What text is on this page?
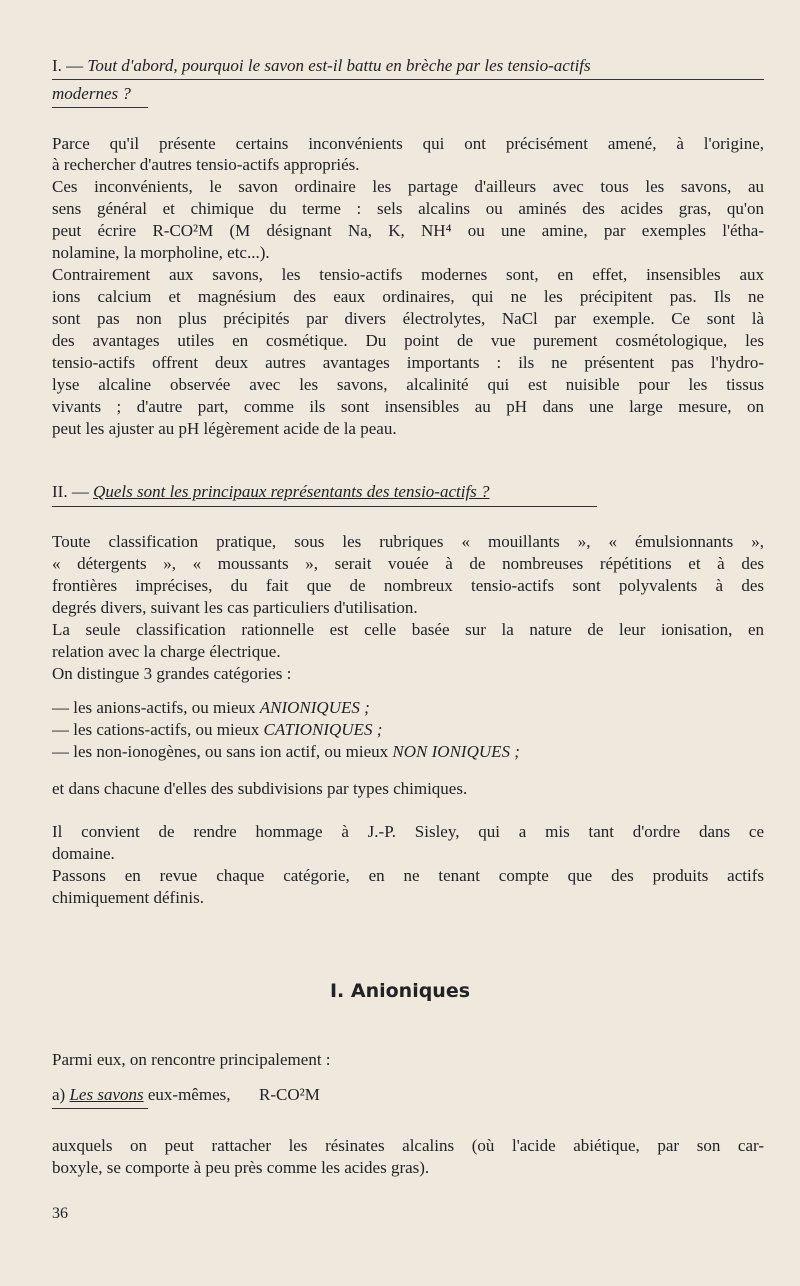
I. — Tout d'abord, pourquoi le savon est-il battu en brèche par les tensio-actifs
modernes ?
Parce qu'il présente certains inconvénients qui ont précisément amené, à l'origine,
à rechercher d'autres tensio-actifs appropriés.
Ces inconvénients, le savon ordinaire les partage d'ailleurs avec tous les savons, au
sens général et chimique du terme : sels alcalins ou aminés des acides gras, qu'on
peut écrire R-CO²M (M désignant Na, K, NH⁴ ou une amine, par exemples l'étha-
nolamine, la morpholine, etc...).
Contrairement aux savons, les tensio-actifs modernes sont, en effet, insensibles aux
ions calcium et magnésium des eaux ordinaires, qui ne les précipitent pas. Ils ne
sont pas non plus précipités par divers électrolytes, NaCl par exemple. Ce sont là
des avantages utiles en cosmétique. Du point de vue purement cosmétologique, les
tensio-actifs offrent deux autres avantages importants : ils ne présentent pas l'hydro-
lyse alcaline observée avec les savons, alcalinité qui est nuisible pour les tissus
vivants ; d'autre part, comme ils sont insensibles au pH dans une large mesure, on
peut les ajuster au pH légèrement acide de la peau.
II. — Quels sont les principaux représentants des tensio-actifs ?
Toute classification pratique, sous les rubriques « mouillants », « émulsionnants »,
« détergents », « moussants », serait vouée à de nombreuses répétitions et à des
frontières imprécises, du fait que de nombreux tensio-actifs sont polyvalents à des
degrés divers, suivant les cas particuliers d'utilisation.
La seule classification rationnelle est celle basée sur la nature de leur ionisation, en
relation avec la charge électrique.
On distingue 3 grandes catégories :
— les anions-actifs, ou mieux ANIONIQUES ;
— les cations-actifs, ou mieux CATIONIQUES ;
— les non-ionogènes, ou sans ion actif, ou mieux NON IONIQUES ;
et dans chacune d'elles des subdivisions par types chimiques.
Il convient de rendre hommage à J.-P. Sisley, qui a mis tant d'ordre dans ce
domaine.
Passons en revue chaque catégorie, en ne tenant compte que des produits actifs
chimiquement définis.
I. Anioniques
Parmi eux, on rencontre principalement :
a) Les savons eux-mêmes, R-CO²M
auxquels on peut rattacher les résinates alcalins (où l'acide abiétique, par son car-
boxyle, se comporte à peu près comme les acides gras).
36
